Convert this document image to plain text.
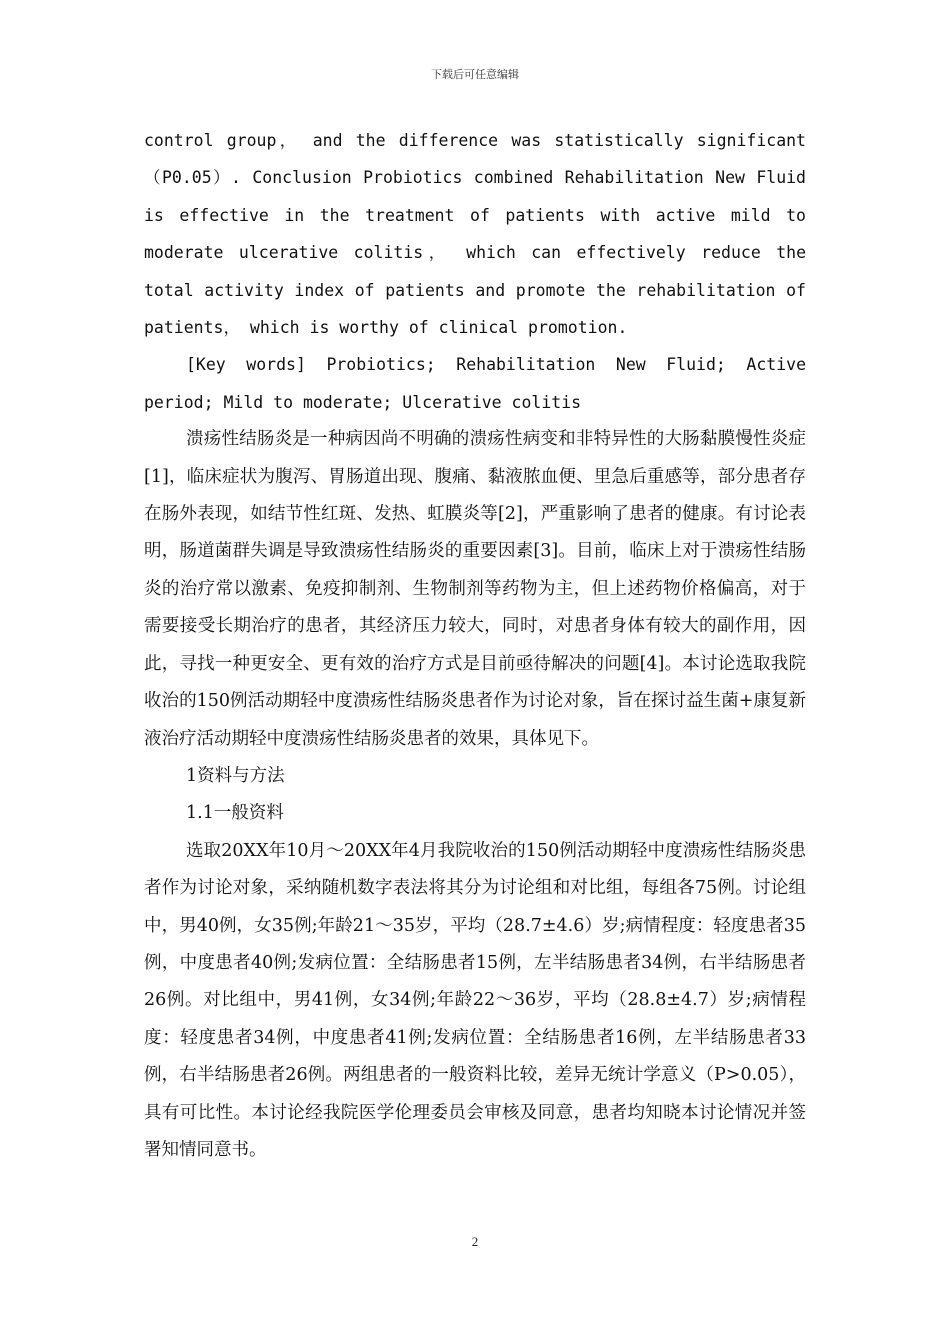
下载后可任意编辑

control group， and the difference was statistically significant （P0.05）. Conclusion Probiotics combined Rehabilitation New Fluid is effective in the treatment of patients with active mild to moderate ulcerative colitis， which can effectively reduce the total activity index of patients and promote the rehabilitation of patients， which is worthy of clinical promotion.

[Key words] Probiotics; Rehabilitation New Fluid; Active period; Mild to moderate; Ulcerative colitis

溃疡性结肠炎是一种病因尚不明确的溃疡性病变和非特异性的大肠黏膜慢性炎症[1]，临床症状为腹泻、胃肠道出现、腹痛、黏液脓血便、里急后重感等，部分患者存在肠外表现，如结节性红斑、发热、虹膜炎等[2]，严重影响了患者的健康。有讨论表明，肠道菌群失调是导致溃疡性结肠炎的重要因素[3]。目前，临床上对于溃疡性结肠炎的治疗常以激素、免疫抑制剂、生物制剂等药物为主，但上述药物价格偏高，对于需要接受长期治疗的患者，其经济压力较大，同时，对患者身体有较大的副作用，因此，寻找一种更安全、更有效的治疗方式是目前亟待解决的问题[4]。本讨论选取我院收治的150例活动期轻中度溃疡性结肠炎患者作为讨论对象，旨在探讨益生菌+康复新液治疗活动期轻中度溃疡性结肠炎患者的效果，具体见下。

1资料与方法

1.1一般资料

选取20XX年10月～20XX年4月我院收治的150例活动期轻中度溃疡性结肠炎患者作为讨论对象，采纳随机数字表法将其分为讨论组和对比组，每组各75例。讨论组中，男40例，女35例;年龄21～35岁，平均（28.7±4.6）岁;病情程度：轻度患者35例，中度患者40例;发病位置：全结肠患者15例，左半结肠患者34例，右半结肠患者26例。对比组中，男41例，女34例;年龄22～36岁，平均（28.8±4.7）岁;病情程度：轻度患者34例，中度患者41例;发病位置：全结肠患者16例，左半结肠患者33例，右半结肠患者26例。两组患者的一般资料比较，差异无统计学意义（P>0.05），具有可比性。本讨论经我院医学伦理委员会审核及同意，患者均知晓本讨论情况并签署知情同意书。

2
